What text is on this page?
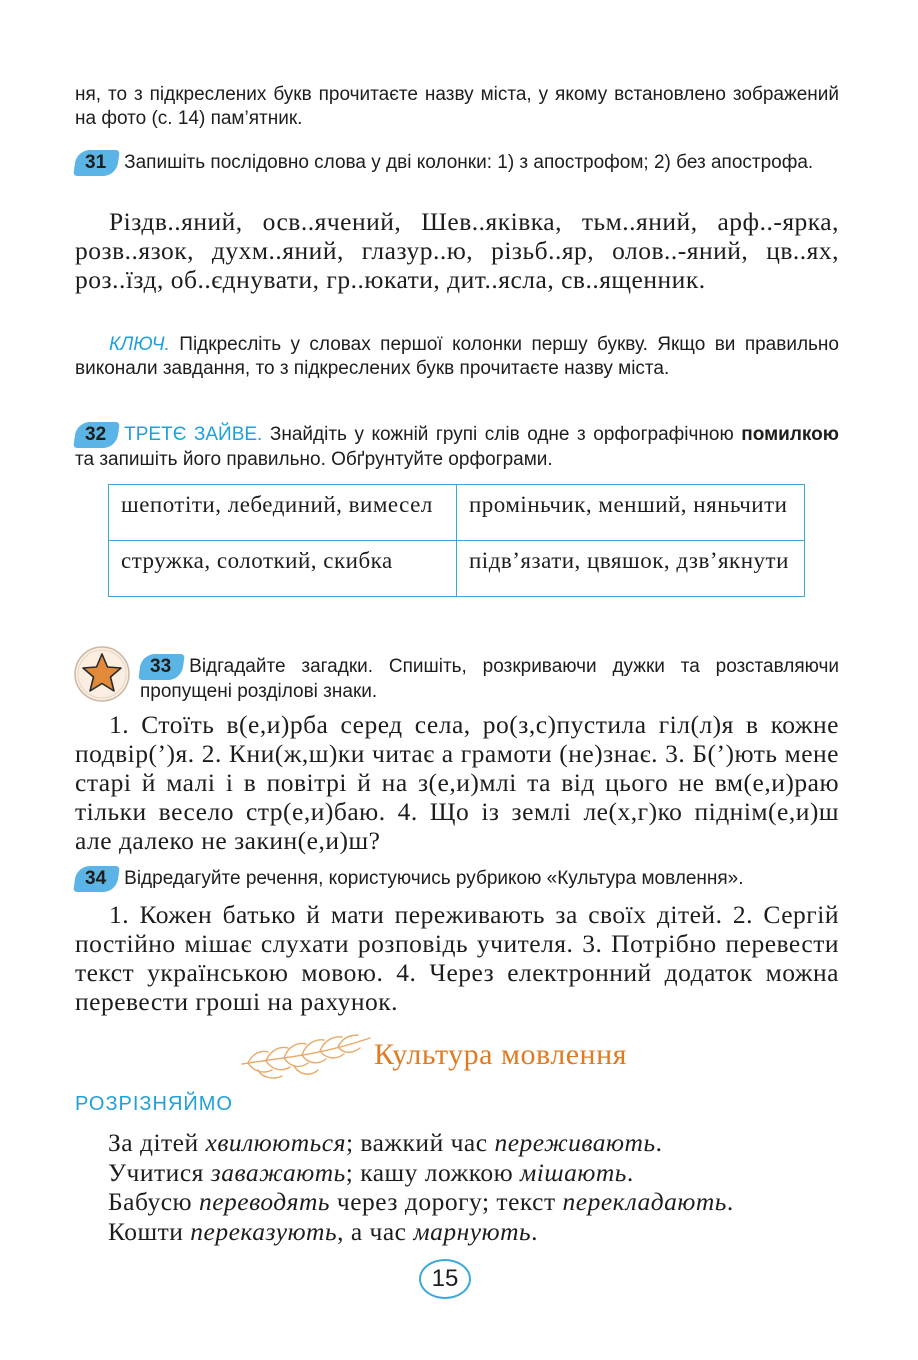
ня, то з підкреслених букв прочитаєте назву міста, у якому встановлено зображений на фото (с. 14) пам’ятник.

31 Запишіть послідовно слова у дві колонки: 1) з апострофом; 2) без апострофа.

Різдв..яний, осв..ячений, Шев..яківка, тьм..яний, арф..-ярка, розв..язок, духм..яний, глазур..ю, різьб..яр, олов..-яний, цв..ях, роз..їзд, об..єднувати, гр..юкати, дит..ясла, св..ященник.

КЛЮЧ. Підкресліть у словах першої колонки першу букву. Якщо ви правильно виконали завдання, то з підкреслених букв прочитаєте назву міста.

32 ТРЕТЄ ЗАЙВЕ. Знайдіть у кожній групі слів одне з орфографічною помилкою та запишіть його правильно. Обґрунтуйте орфограми.

шепотіти, лебединий, вимесел	проміньчик, менший, няньчити
стружка, солоткий, скибка	підв’язати, цвяшок, дзв’якнути

33 Відгадайте загадки. Спишіть, розкриваючи дужки та розставляючи пропущені розділові знаки.

1. Стоїть в(е,и)рба серед села, ро(з,с)пустила гіл(л)я в кожне подвір(’)я. 2. Кни(ж,ш)ки читає а грамоти (не)знає. 3. Б(’)ють мене старі й малі і в повітрі й на з(е,и)млі та від цього не вм(е,и)раю тільки весело стр(е,и)баю. 4. Що із землі ле(х,г)ко піднім(е,и)ш але далеко не закин(е,и)ш?

34 Відредагуйте речення, користуючись рубрикою «Культура мовлення».

1. Кожен батько й мати переживають за своїх дітей. 2. Сергій постійно мішає слухати розповідь учителя. 3. Потрібно перевести текст українською мовою. 4. Через електронний додаток можна перевести гроші на рахунок.

Культура мовлення
РОЗРІЗНЯЙМО
За дітей хвилюються; важкий час переживають.
Учитися заважають; кашу ложкою мішають.
Бабусю переводять через дорогу; текст перекладають.
Кошти переказують, а час марнують.
15
